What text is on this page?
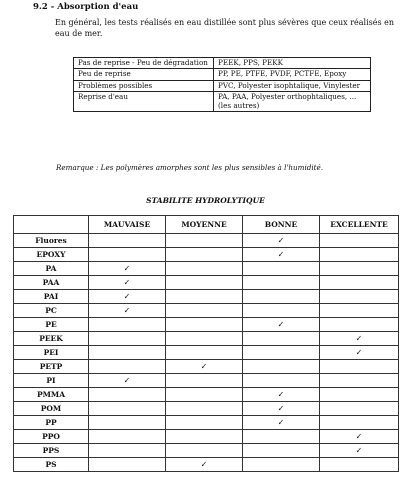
9.2 - Absorption d'eau
En général, les tests réalisés en eau distillée sont plus sévères que ceux réalisés en eau de mer.
Pas de reprise - Peu de dégradation	PEEK, PPS, PEKK
Peu de reprise	PP, PE, PTFE, PVDF, PCTFE, Epoxy
Problèmes possibles	PVC, Polyester isophtalique, Vinylester
Reprise d'eau	PA, PAA, Polyester orthophtaliques, ...(les autres)
Remarque : Les polymères amorphes sont les plus sensibles à l'humidité.
STABILITE HYDROLYTIQUE
	MAUVAISE	MOYENNE	BONNE	EXCELLENTE
Fluores			✓	
EPOXY			✓	
PA	✓			
PAA	✓			
PAI	✓			
PC	✓			
PE			✓	
PEEK				✓
PEI				✓
PETP		✓		
PI	✓			
PMMA			✓	
POM			✓	
PP			✓	
PPO				✓
PPS				✓
PS		✓		
